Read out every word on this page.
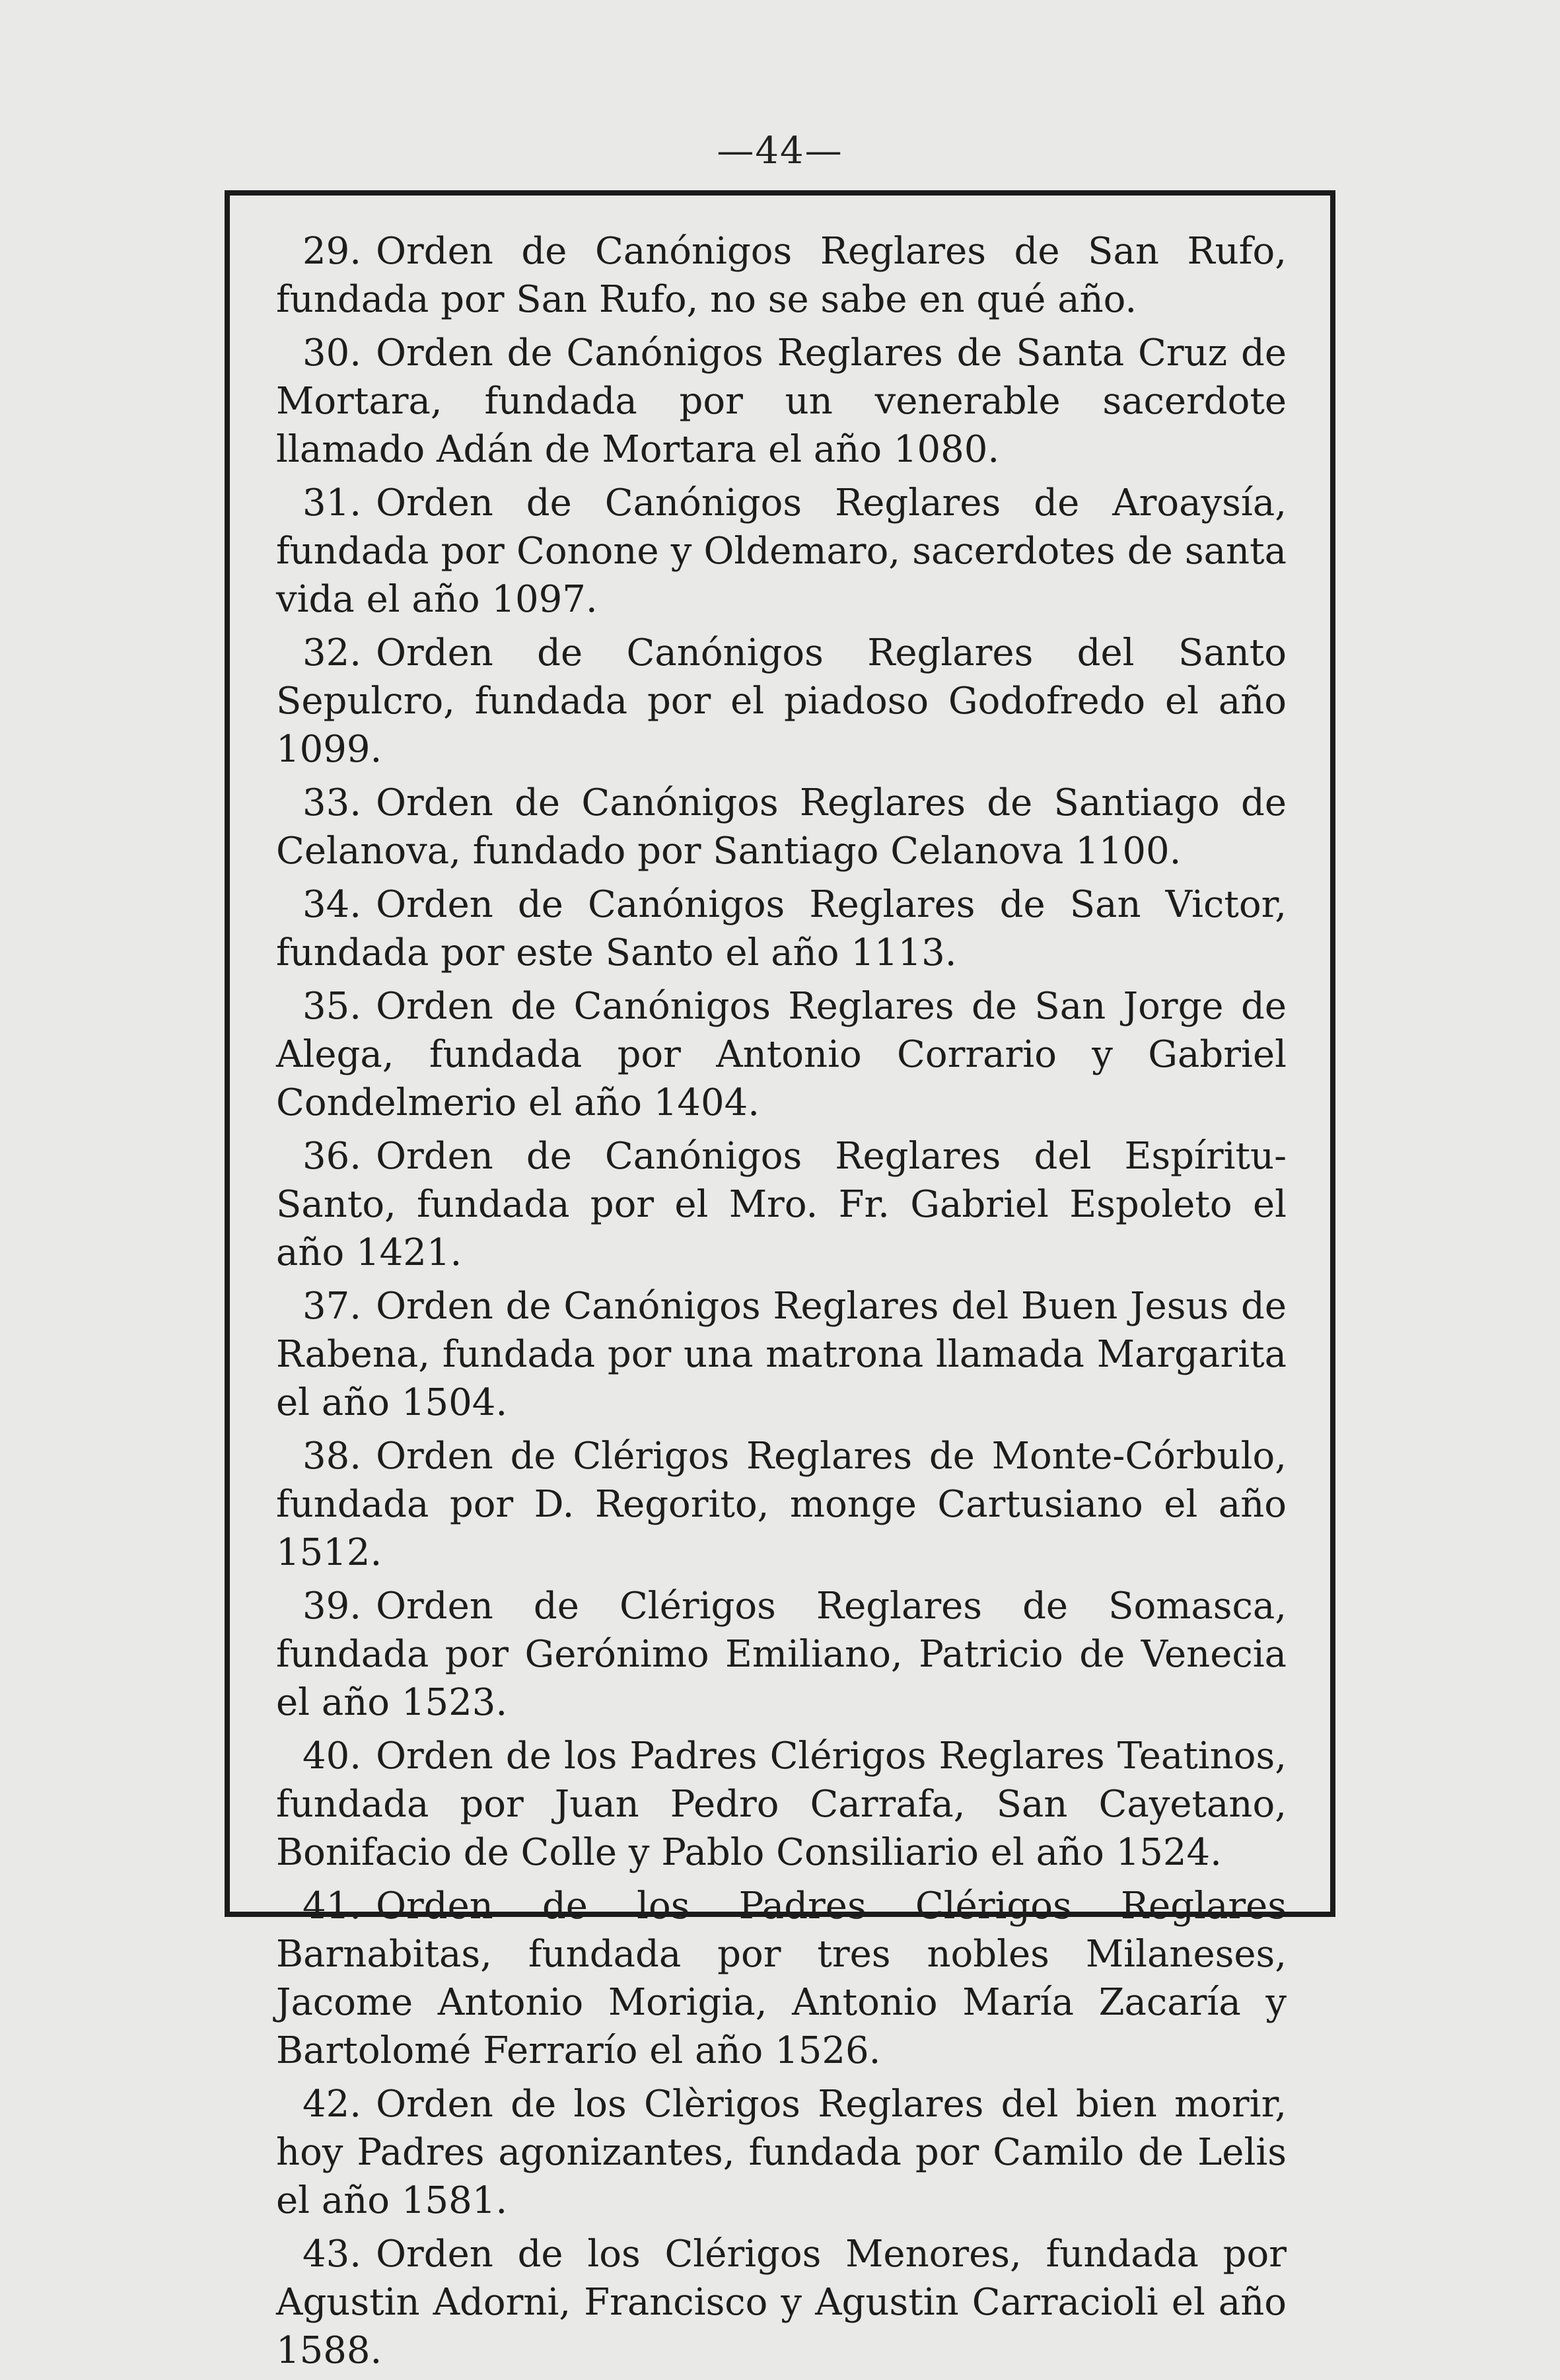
—44—

29. Orden de Canónigos Reglares de San Rufo, fundada por San Rufo, no se sabe en qué año.

30. Orden de Canónigos Reglares de Santa Cruz de Mortara, fundada por un venerable sacerdote llamado Adán de Mortara el año 1080.

31. Orden de Canónigos Reglares de Aroaysía, fundada por Conone y Oldemaro, sacerdotes de santa vida el año 1097.

32. Orden de Canónigos Reglares del Santo Sepulcro, fundada por el piadoso Godofredo el año 1099.

33. Orden de Canónigos Reglares de Santiago de Celanova, fundado por Santiago Celanova 1100.

34. Orden de Canónigos Reglares de San Victor, fundada por este Santo el año 1113.

35. Orden de Canónigos Reglares de San Jorge de Alega, fundada por Antonio Corrario y Gabriel Condelmerio el año 1404.

36. Orden de Canónigos Reglares del Espíritu-Santo, fundada por el Mro. Fr. Gabriel Espoleto el año 1421.

37. Orden de Canónigos Reglares del Buen Jesus de Rabena, fundada por una matrona llamada Margarita el año 1504.

38. Orden de Clérigos Reglares de Monte-Córbulo, fundada por D. Regorito, monge Cartusiano el año 1512.

39. Orden de Clérigos Reglares de Somasca, fundada por Gerónimo Emiliano, Patricio de Venecia el año 1523.

40. Orden de los Padres Clérigos Reglares Teatinos, fundada por Juan Pedro Carrafa, San Cayetano, Bonifacio de Colle y Pablo Consiliario el año 1524.

41. Orden de los Padres Clérigos Reglares Barnabitas, fundada por tres nobles Milaneses, Jacome Antonio Morigia, Antonio María Zacaría y Bartolomé Ferrarío el año 1526.

42. Orden de los Clèrigos Reglares del bien morir, hoy Padres agonizantes, fundada por Camilo de Lelis el año 1581.

43. Orden de los Clérigos Menores, fundada por Agustin Adorni, Francisco y Agustin Carracioli el año 1588.
